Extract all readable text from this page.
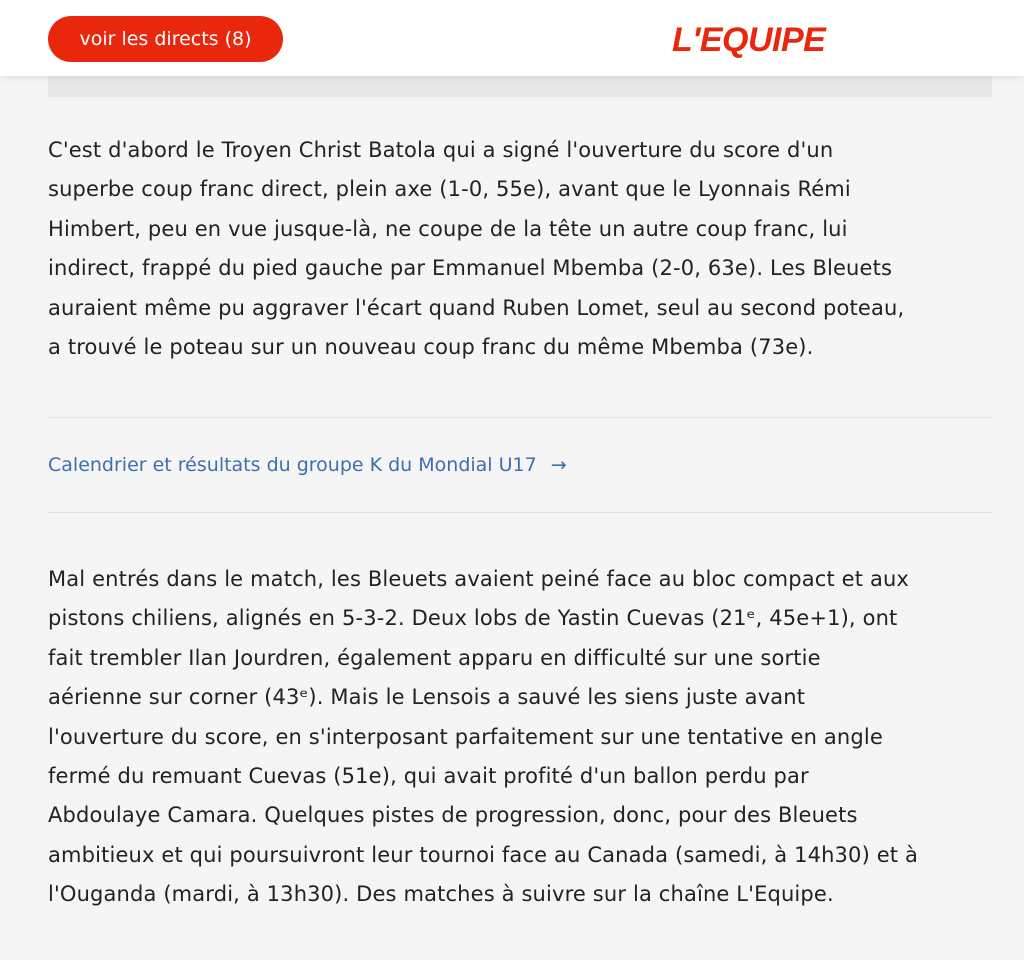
voir les directs (8)	L'EQUIPE

C'est d'abord le Troyen Christ Batola qui a signé l'ouverture du score d'un
superbe coup franc direct, plein axe (1-0, 55e), avant que le Lyonnais Rémi
Himbert, peu en vue jusque-là, ne coupe de la tête un autre coup franc, lui
indirect, frappé du pied gauche par Emmanuel Mbemba (2-0, 63e). Les Bleuets
auraient même pu aggraver l'écart quand Ruben Lomet, seul au second poteau,
a trouvé le poteau sur un nouveau coup franc du même Mbemba (73e).

Calendrier et résultats du groupe K du Mondial U17 →

Mal entrés dans le match, les Bleuets avaient peiné face au bloc compact et aux
pistons chiliens, alignés en 5-3-2. Deux lobs de Yastin Cuevas (21ᵉ, 45e+1), ont
fait trembler Ilan Jourdren, également apparu en difficulté sur une sortie
aérienne sur corner (43ᵉ). Mais le Lensois a sauvé les siens juste avant
l'ouverture du score, en s'interposant parfaitement sur une tentative en angle
fermé du remuant Cuevas (51e), qui avait profité d'un ballon perdu par
Abdoulaye Camara. Quelques pistes de progression, donc, pour des Bleuets
ambitieux et qui poursuivront leur tournoi face au Canada (samedi, à 14h30) et à
l'Ouganda (mardi, à 13h30). Des matches à suivre sur la chaîne L'Equipe.
